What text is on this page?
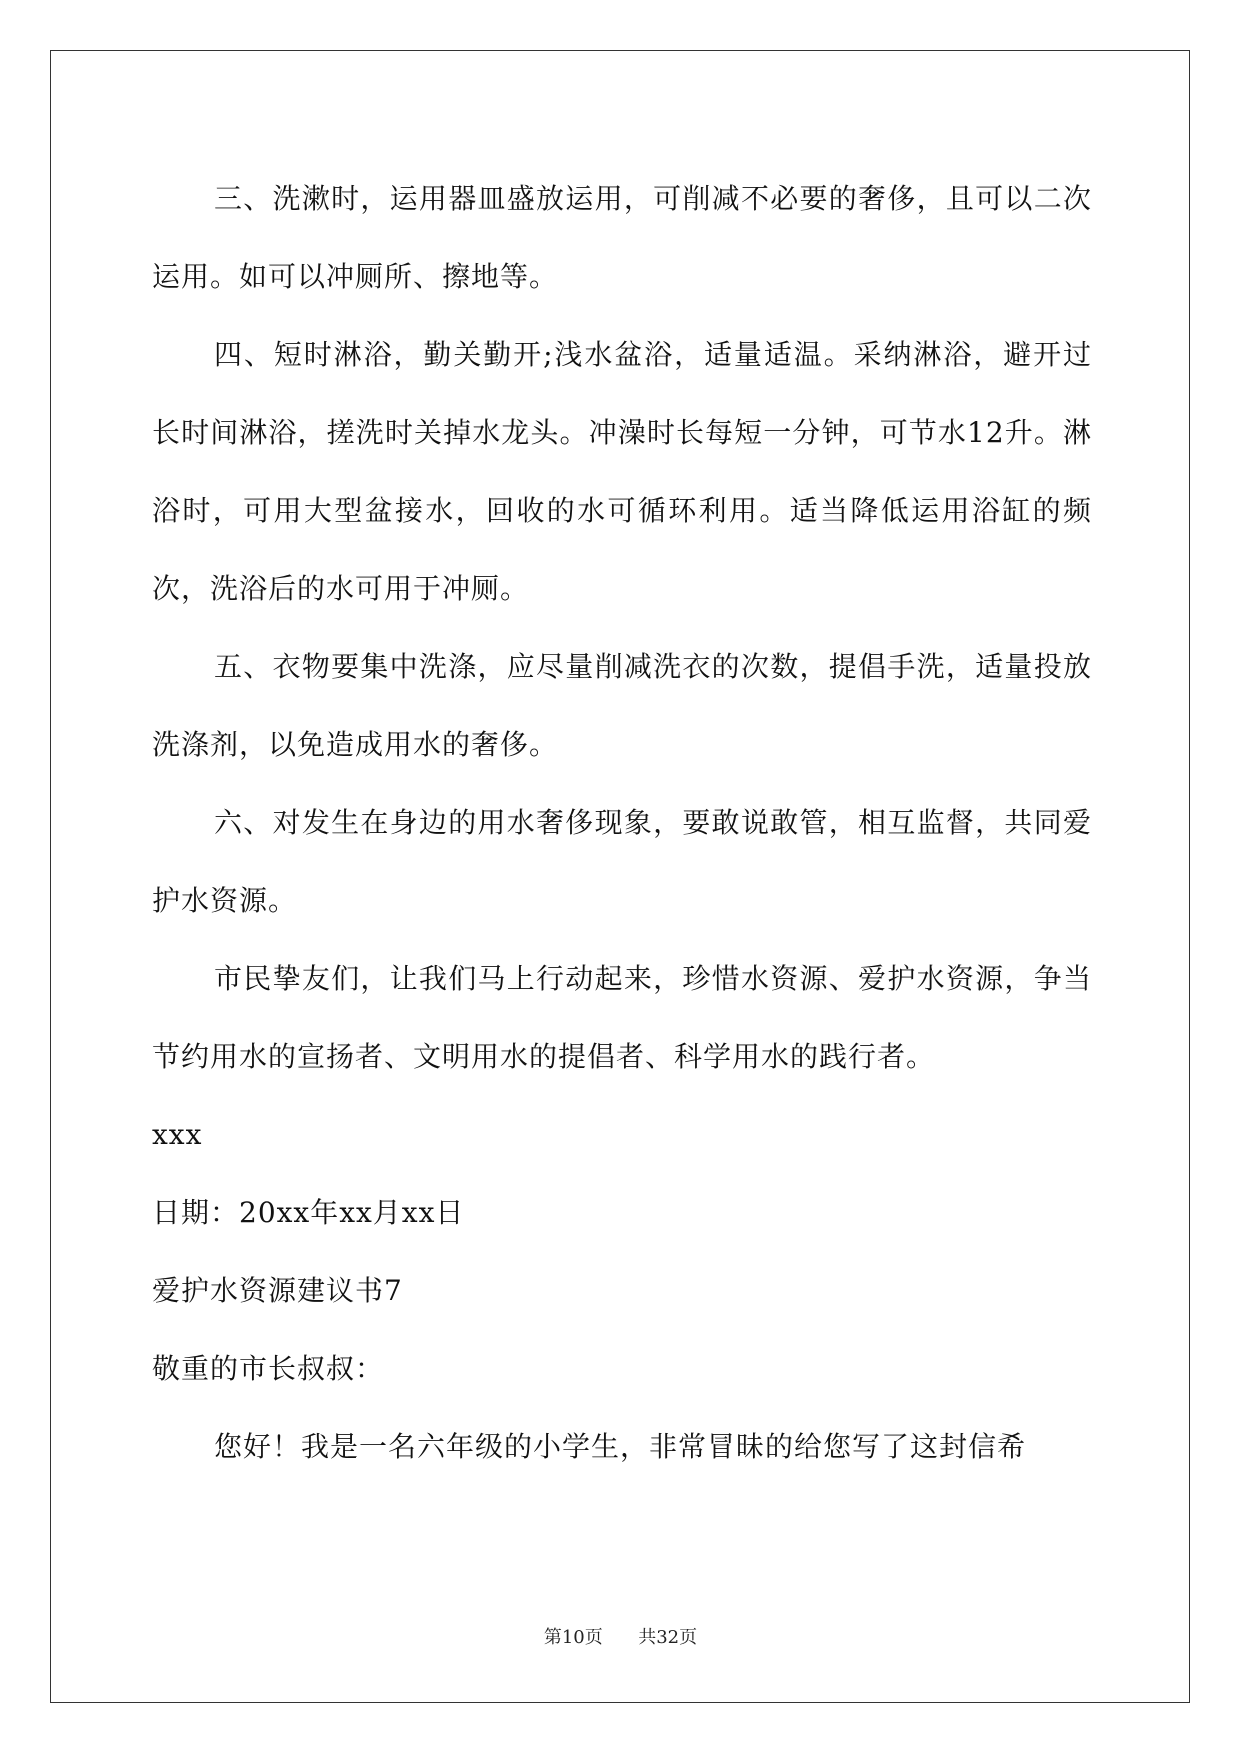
三、洗漱时，运用器皿盛放运用，可削减不必要的奢侈，且可以二次运用。如可以冲厕所、擦地等。

四、短时淋浴，勤关勤开;浅水盆浴，适量适温。采纳淋浴，避开过长时间淋浴，搓洗时关掉水龙头。冲澡时长每短一分钟，可节水12升。淋浴时，可用大型盆接水，回收的水可循环利用。适当降低运用浴缸的频次，洗浴后的水可用于冲厕。

五、衣物要集中洗涤，应尽量削减洗衣的次数，提倡手洗，适量投放洗涤剂，以免造成用水的奢侈。

六、对发生在身边的用水奢侈现象，要敢说敢管，相互监督，共同爱护水资源。

市民挚友们，让我们马上行动起来，珍惜水资源、爱护水资源，争当节约用水的宣扬者、文明用水的提倡者、科学用水的践行者。

xxx

日期：20xx年xx月xx日

爱护水资源建议书7

敬重的市长叔叔：

您好！我是一名六年级的小学生，非常冒昧的给您写了这封信希

第10页 共32页
